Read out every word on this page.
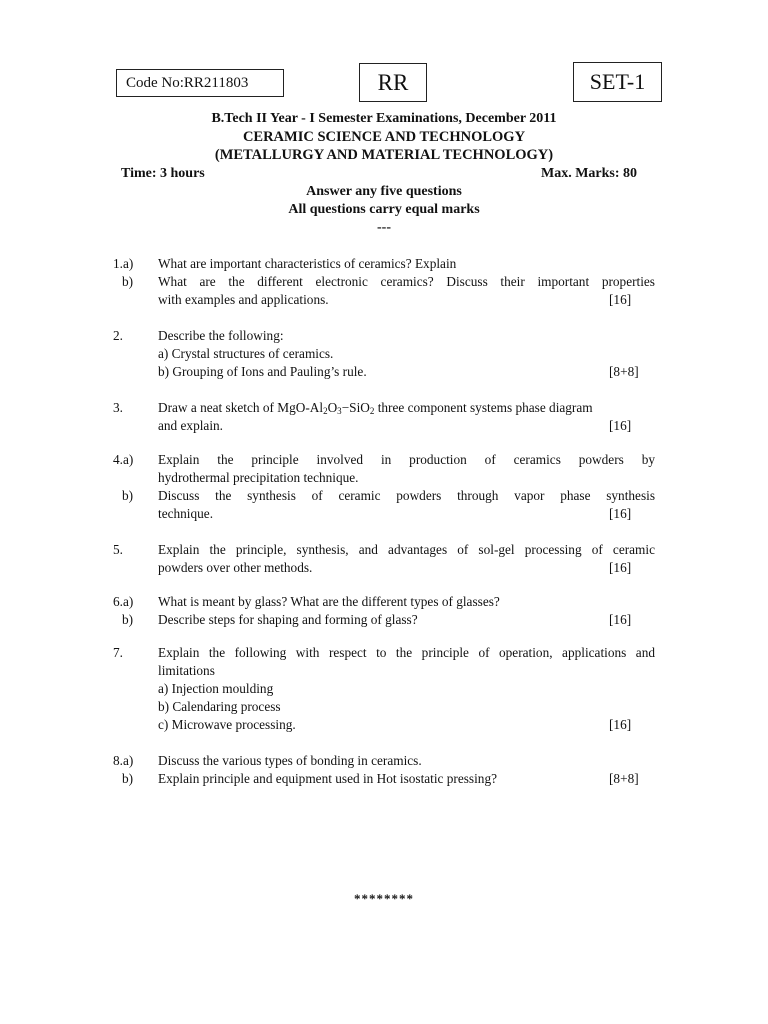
Code No:RR211803	RR	SET-1
B.Tech II Year - I Semester Examinations, December 2011
CERAMIC SCIENCE AND TECHNOLOGY
(METALLURGY AND MATERIAL TECHNOLOGY)
Time: 3 hours	Max. Marks: 80
Answer any five questions
All questions carry equal marks
---
1.a) What are important characteristics of ceramics? Explain
b) What are the different electronic ceramics? Discuss their important properties
with examples and applications.	[16]
2.	Describe the following:
a) Crystal structures of ceramics.
b) Grouping of Ions and Pauling’s rule.	[8+8]
3.	Draw a neat sketch of MgO-$Al_2O_3-SiO_2$ three component systems phase diagram
and explain.	[16]
4.a) Explain the principle involved in production of ceramics powders by
hydrothermal precipitation technique.
b) Discuss the synthesis of ceramic powders through vapor phase synthesis
technique.	[16]
5.	Explain the principle, synthesis, and advantages of sol-gel processing of ceramic
powders over other methods.	[16]
6.a) What is meant by glass? What are the different types of glasses?
b) Describe steps for shaping and forming of glass?	[16]
7.	Explain the following with respect to the principle of operation, applications and
limitations
a) Injection moulding
b) Calendaring process
c) Microwave processing.	[16]
8.a) Discuss the various types of bonding in ceramics.
b) Explain principle and equipment used in Hot isostatic pressing?	[8+8]
********
